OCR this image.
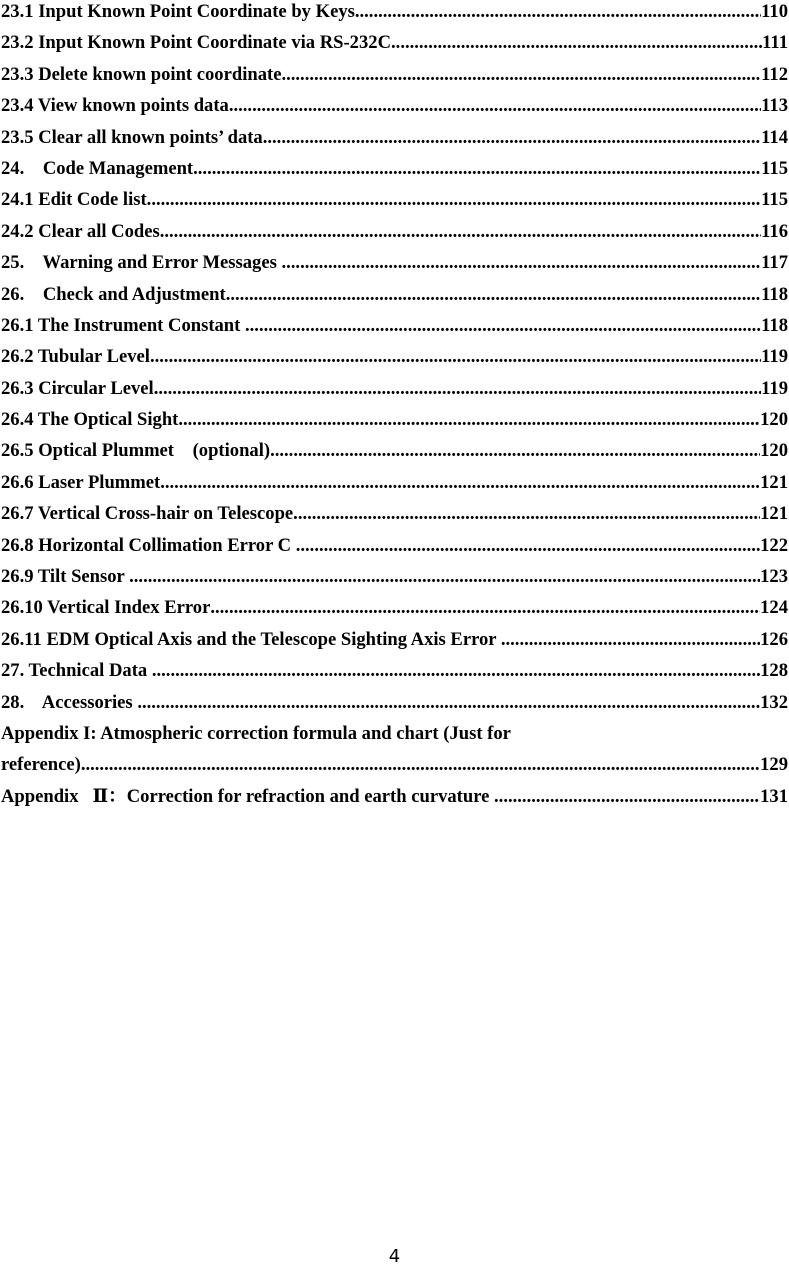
23.1 Input Known Point Coordinate by Keys .....	110
23.2 Input Known Point Coordinate via RS-232C .....	111
23.3 Delete known point coordinate .....	112
23.4 View known points data .....	113
23.5 Clear all known points’ data .....	114
24.    Code Management .....	115
24.1 Edit Code list .....	115
24.2 Clear all Codes .....	116
25.    Warning and Error Messages .....	117
26.    Check and Adjustment .....	118
26.1 The Instrument Constant .....	118
26.2 Tubular Level .....	119
26.3 Circular Level .....	119
26.4 The Optical Sight .....	120
26.5 Optical Plummet    (optional) .....	120
26.6 Laser Plummet .....	121
26.7 Vertical Cross-hair on Telescope .....	121
26.8 Horizontal Collimation Error C .....	122
26.9 Tilt Sensor .....	123
26.10 Vertical Index Error .....	124
26.11 EDM Optical Axis and the Telescope Sighting Axis Error .....	126
27. Technical Data .....	128
28.    Accessories .....	132
Appendix I: Atmospheric correction formula and chart (Just for
reference) .....	129
Appendix   Ⅱ：Correction for refraction and earth curvature .....	131
4
